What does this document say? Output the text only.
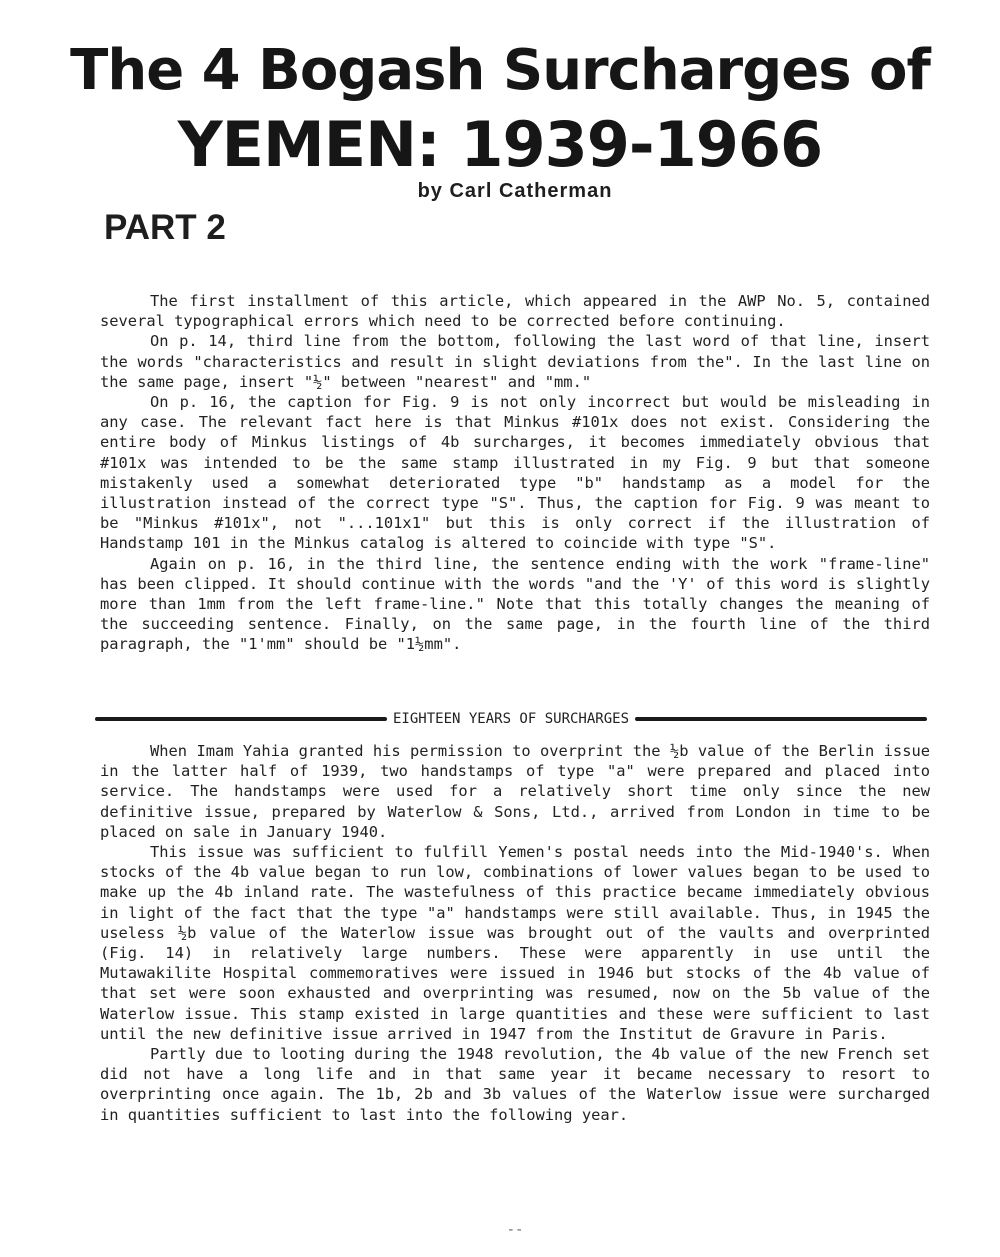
The 4 Bogash Surcharges of
YEMEN: 1939-1966
by Carl Catherman
PART 2

The first installment of this article, which appeared in the AWP No. 5, contained several typographical errors which need to be corrected before continuing.

On p. 14, third line from the bottom, following the last word of that line, insert the words "characteristics and result in slight deviations from the". In the last line on the same page, insert "½" between "nearest" and "mm."

On p. 16, the caption for Fig. 9 is not only incorrect but would be misleading in any case. The relevant fact here is that Minkus #101x does not exist. Considering the entire body of Minkus listings of 4b surcharges, it becomes immediately obvious that #101x was intended to be the same stamp illustrated in my Fig. 9 but that someone mistakenly used a somewhat deteriorated type "b" handstamp as a model for the illustration instead of the correct type "S". Thus, the caption for Fig. 9 was meant to be "Minkus #101x", not "...101x1" but this is only correct if the illustration of Handstamp 101 in the Minkus catalog is altered to coincide with type "S".

Again on p. 16, in the third line, the sentence ending with the work "frame-line" has been clipped. It should continue with the words "and the 'Y' of this word is slightly more than 1mm from the left frame-line." Note that this totally changes the meaning of the succeeding sentence. Finally, on the same page, in the fourth line of the third paragraph, the "1'mm" should be "1½mm".

EIGHTEEN YEARS OF SURCHARGES

When Imam Yahia granted his permission to overprint the ½b value of the Berlin issue in the latter half of 1939, two handstamps of type "a" were prepared and placed into service. The handstamps were used for a relatively short time only since the new definitive issue, prepared by Waterlow & Sons, Ltd., arrived from London in time to be placed on sale in January 1940.

This issue was sufficient to fulfill Yemen's postal needs into the Mid-1940's. When stocks of the 4b value began to run low, combinations of lower values began to be used to make up the 4b inland rate. The wastefulness of this practice became immediately obvious in light of the fact that the type "a" handstamps were still available. Thus, in 1945 the useless ½b value of the Waterlow issue was brought out of the vaults and overprinted (Fig. 14) in relatively large numbers. These were apparently in use until the Mutawakilite Hospital commemoratives were issued in 1946 but stocks of the 4b value of that set were soon exhausted and overprinting was resumed, now on the 5b value of the Waterlow issue. This stamp existed in large quantities and these were sufficient to last until the new definitive issue arrived in 1947 from the Institut de Gravure in Paris.

Partly due to looting during the 1948 revolution, the 4b value of the new French set did not have a long life and in that same year it became necessary to resort to overprinting once again. The 1b, 2b and 3b values of the Waterlow issue were surcharged in quantities sufficient to last into the following year.

--
